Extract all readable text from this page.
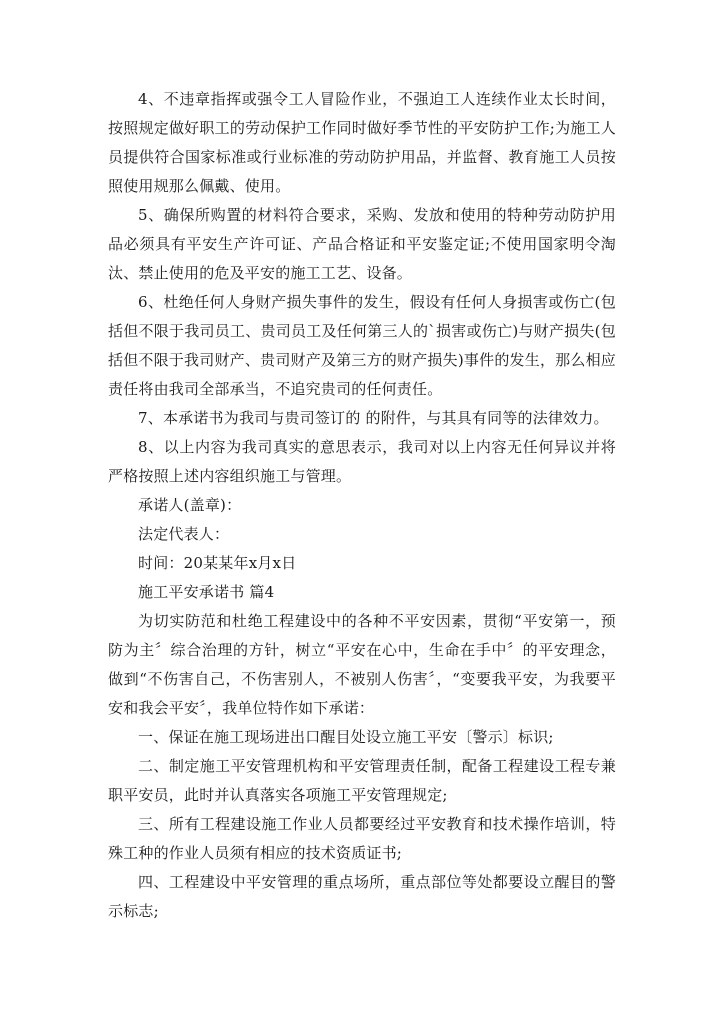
4、不违章指挥或强令工人冒险作业，不强迫工人连续作业太长时间，按照规定做好职工的劳动保护工作同时做好季节性的平安防护工作;为施工人员提供符合国家标准或行业标准的劳动防护用品，并监督、教育施工人员按照使用规那么佩戴、使用。

5、确保所购置的材料符合要求，采购、发放和使用的特种劳动防护用品必须具有平安生产许可证、产品合格证和平安鉴定证;不使用国家明令淘汰、禁止使用的危及平安的施工工艺、设备。

6、杜绝任何人身财产损失事件的发生，假设有任何人身损害或伤亡(包括但不限于我司员工、贵司员工及任何第三人的`损害或伤亡)与财产损失(包括但不限于我司财产、贵司财产及第三方的财产损失)事件的发生，那么相应责任将由我司全部承当，不追究贵司的任何责任。

7、本承诺书为我司与贵司签订的 的附件，与其具有同等的法律效力。

8、以上内容为我司真实的意思表示，我司对以上内容无任何异议并将严格按照上述内容组织施工与管理。

承诺人(盖章)：

法定代表人：

时间：20某某年x月x日

施工平安承诺书 篇4

为切实防范和杜绝工程建设中的各种不平安因素，贯彻“平安第一，预防为主〞综合治理的方针，树立“平安在心中，生命在手中〞的平安理念，做到“不伤害自己，不伤害别人，不被别人伤害〞，“变要我平安，为我要平安和我会平安〞，我单位特作如下承诺：

一、保证在施工现场进出口醒目处设立施工平安〔警示〕标识;

二、制定施工平安管理机构和平安管理责任制，配备工程建设工程专兼职平安员，此时并认真落实各项施工平安管理规定;

三、所有工程建设施工作业人员都要经过平安教育和技术操作培训，特殊工种的作业人员须有相应的技术资质证书;

四、工程建设中平安管理的重点场所，重点部位等处都要设立醒目的警示标志;
